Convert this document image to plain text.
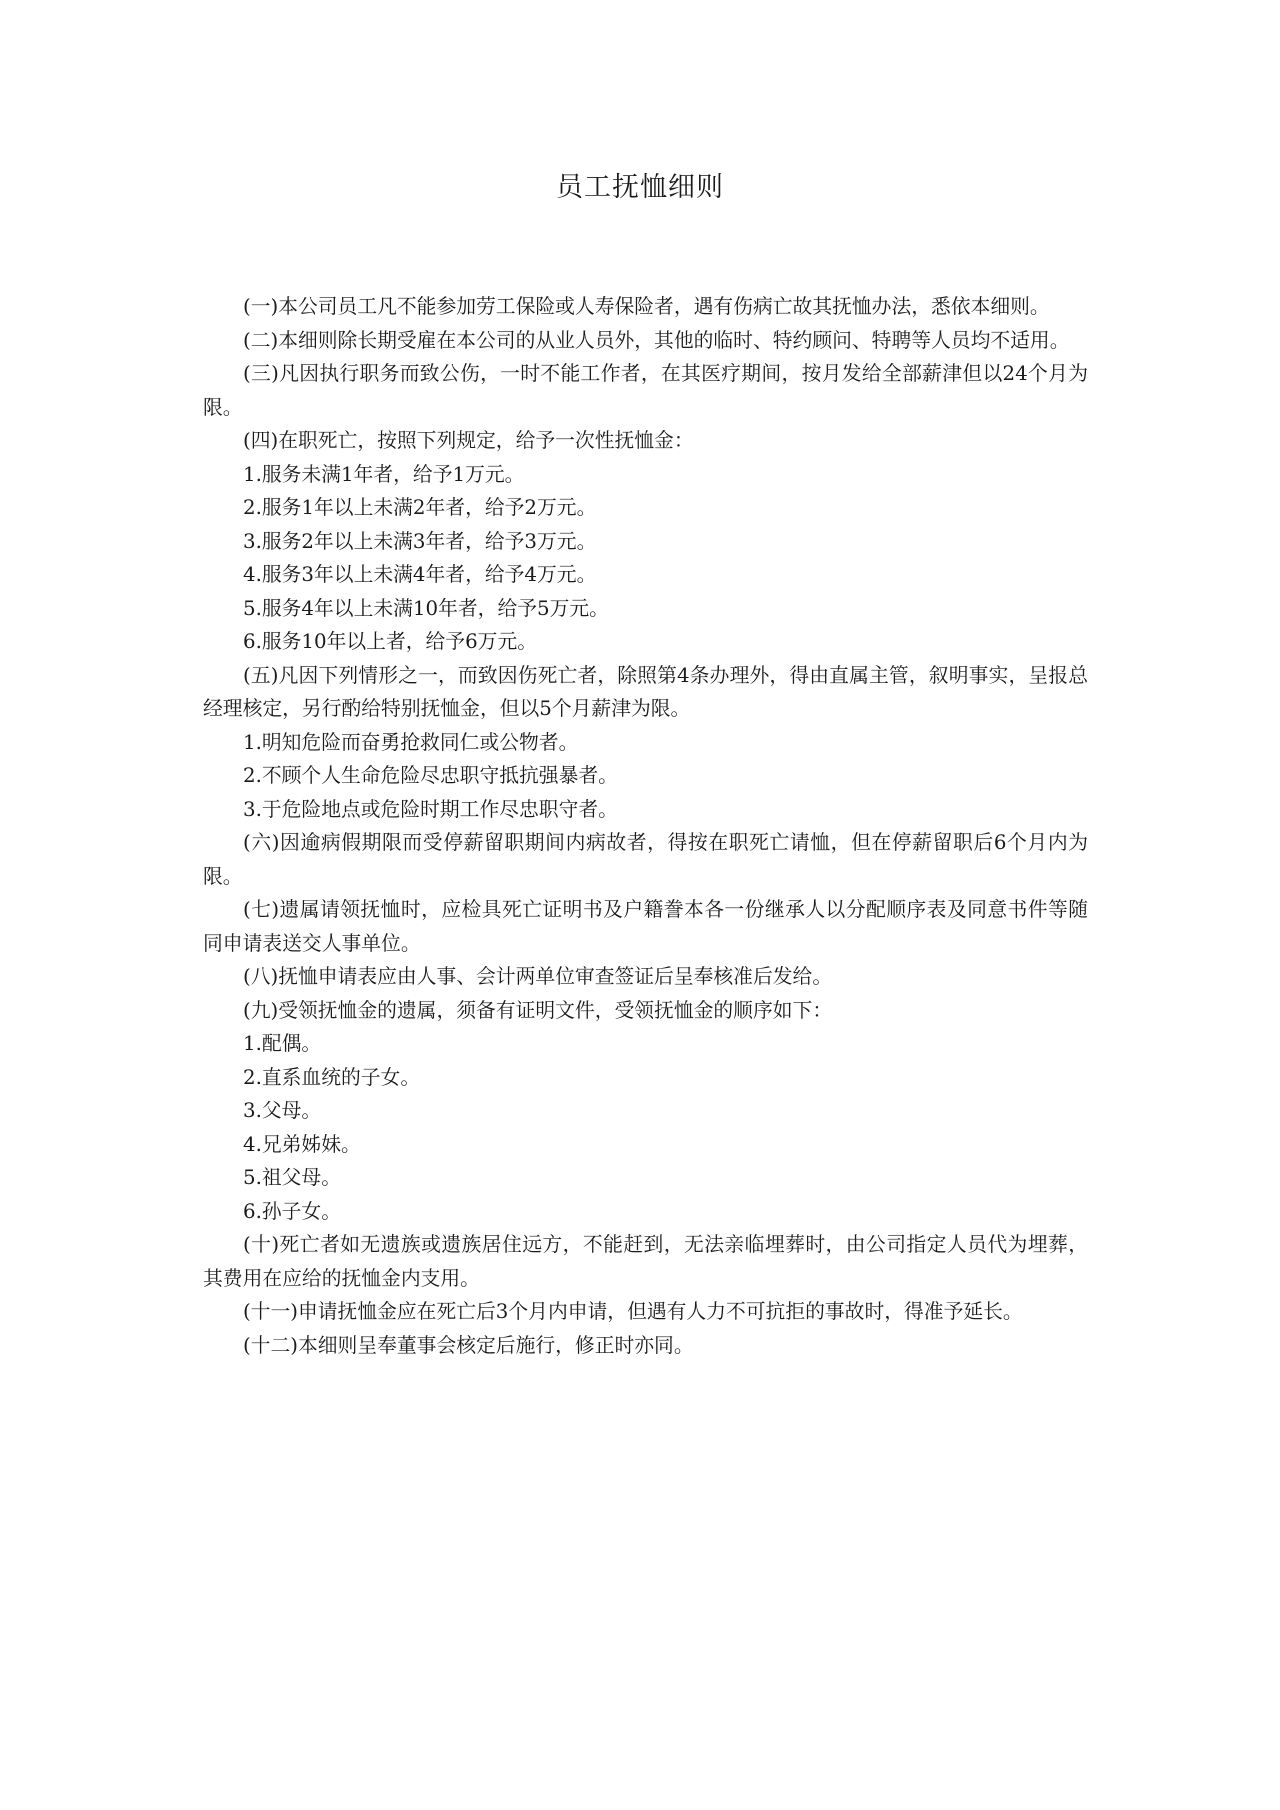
员工抚恤细则

(一)本公司员工凡不能参加劳工保险或人寿保险者，遇有伤病亡故其抚恤办法，悉依本细则。

(二)本细则除长期受雇在本公司的从业人员外，其他的临时、特约顾问、特聘等人员均不适用。

(三)凡因执行职务而致公伤，一时不能工作者，在其医疗期间，按月发给全部薪津但以24个月为限。

(四)在职死亡，按照下列规定，给予一次性抚恤金：

1.服务未满1年者，给予1万元。

2.服务1年以上未满2年者，给予2万元。

3.服务2年以上未满3年者，给予3万元。

4.服务3年以上未满4年者，给予4万元。

5.服务4年以上未满10年者，给予5万元。

6.服务10年以上者，给予6万元。

(五)凡因下列情形之一，而致因伤死亡者，除照第4条办理外，得由直属主管，叙明事实，呈报总经理核定，另行酌给特别抚恤金，但以5个月薪津为限。

1.明知危险而奋勇抢救同仁或公物者。

2.不顾个人生命危险尽忠职守抵抗强暴者。

3.于危险地点或危险时期工作尽忠职守者。

(六)因逾病假期限而受停薪留职期间内病故者，得按在职死亡请恤，但在停薪留职后6个月内为限。

(七)遗属请领抚恤时，应检具死亡证明书及户籍誊本各一份继承人以分配顺序表及同意书件等随同申请表送交人事单位。

(八)抚恤申请表应由人事、会计两单位审查签证后呈奉核准后发给。

(九)受领抚恤金的遗属，须备有证明文件，受领抚恤金的顺序如下：

1.配偶。

2.直系血统的子女。

3.父母。

4.兄弟姊妹。

5.祖父母。

6.孙子女。

(十)死亡者如无遗族或遗族居住远方，不能赶到，无法亲临埋葬时，由公司指定人员代为埋葬，其费用在应给的抚恤金内支用。

(十一)申请抚恤金应在死亡后3个月内申请，但遇有人力不可抗拒的事故时，得准予延长。

(十二)本细则呈奉董事会核定后施行，修正时亦同。
